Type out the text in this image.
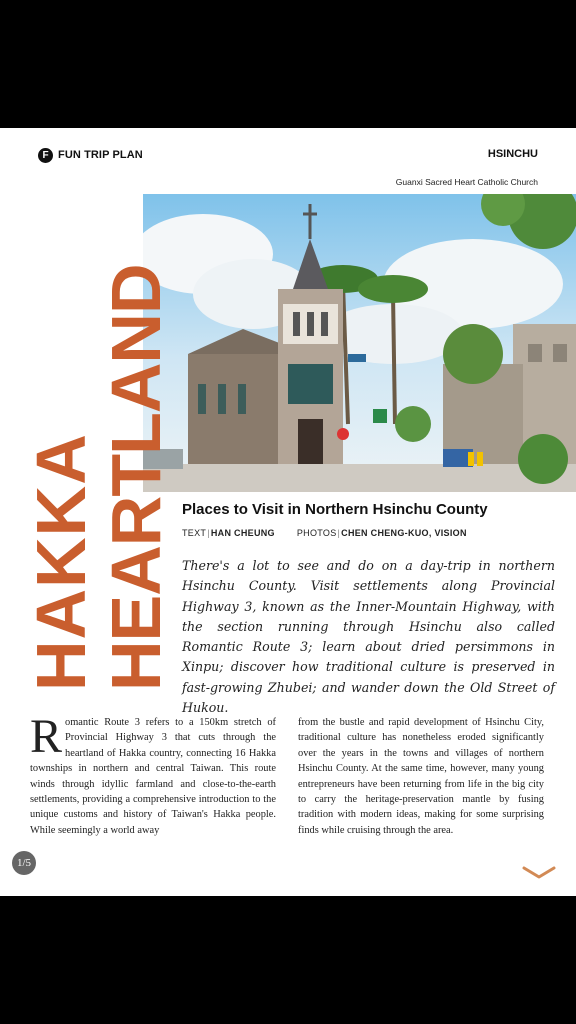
F FUN TRIP PLAN	HSINCHU
Guanxi Sacred Heart Catholic Church
HAKKA
HEARTLAND Places to Visit in Northern Hsinchu County
TEXT|HAN CHEUNG PHOTOS|CHEN CHENG-KUO, VISION
There's a lot to see and do on a day-trip in northern Hsinchu County. Visit settlements along Provincial Highway 3, known as the Inner-Mountain Highway, with the section running through Hsinchu also called Romantic Route 3; learn about dried persimmons in Xinpu; discover how traditional culture is preserved in fast-growing Zhubei; and wander down the Old Street of Hukou.
Romantic Route 3 refers to a 150km stretch of Provincial Highway 3 that cuts through the heartland of Hakka country, connecting 16 Hakka townships in northern and central Taiwan. This route winds through idyllic farmland and close-to-the-earth settlements, providing a comprehensive introduction to the unique customs and history of Taiwan's Hakka people. While seemingly a world away
from the bustle and rapid development of Hsinchu City, traditional culture has nonetheless eroded significantly over the years in the towns and villages of northern Hsinchu County. At the same time, however, many young entrepreneurs have been returning from life in the big city to carry the heritage-preservation mantle by fusing tradition with modern ideas, making for some surprising finds while cruising through the area.
1/5
